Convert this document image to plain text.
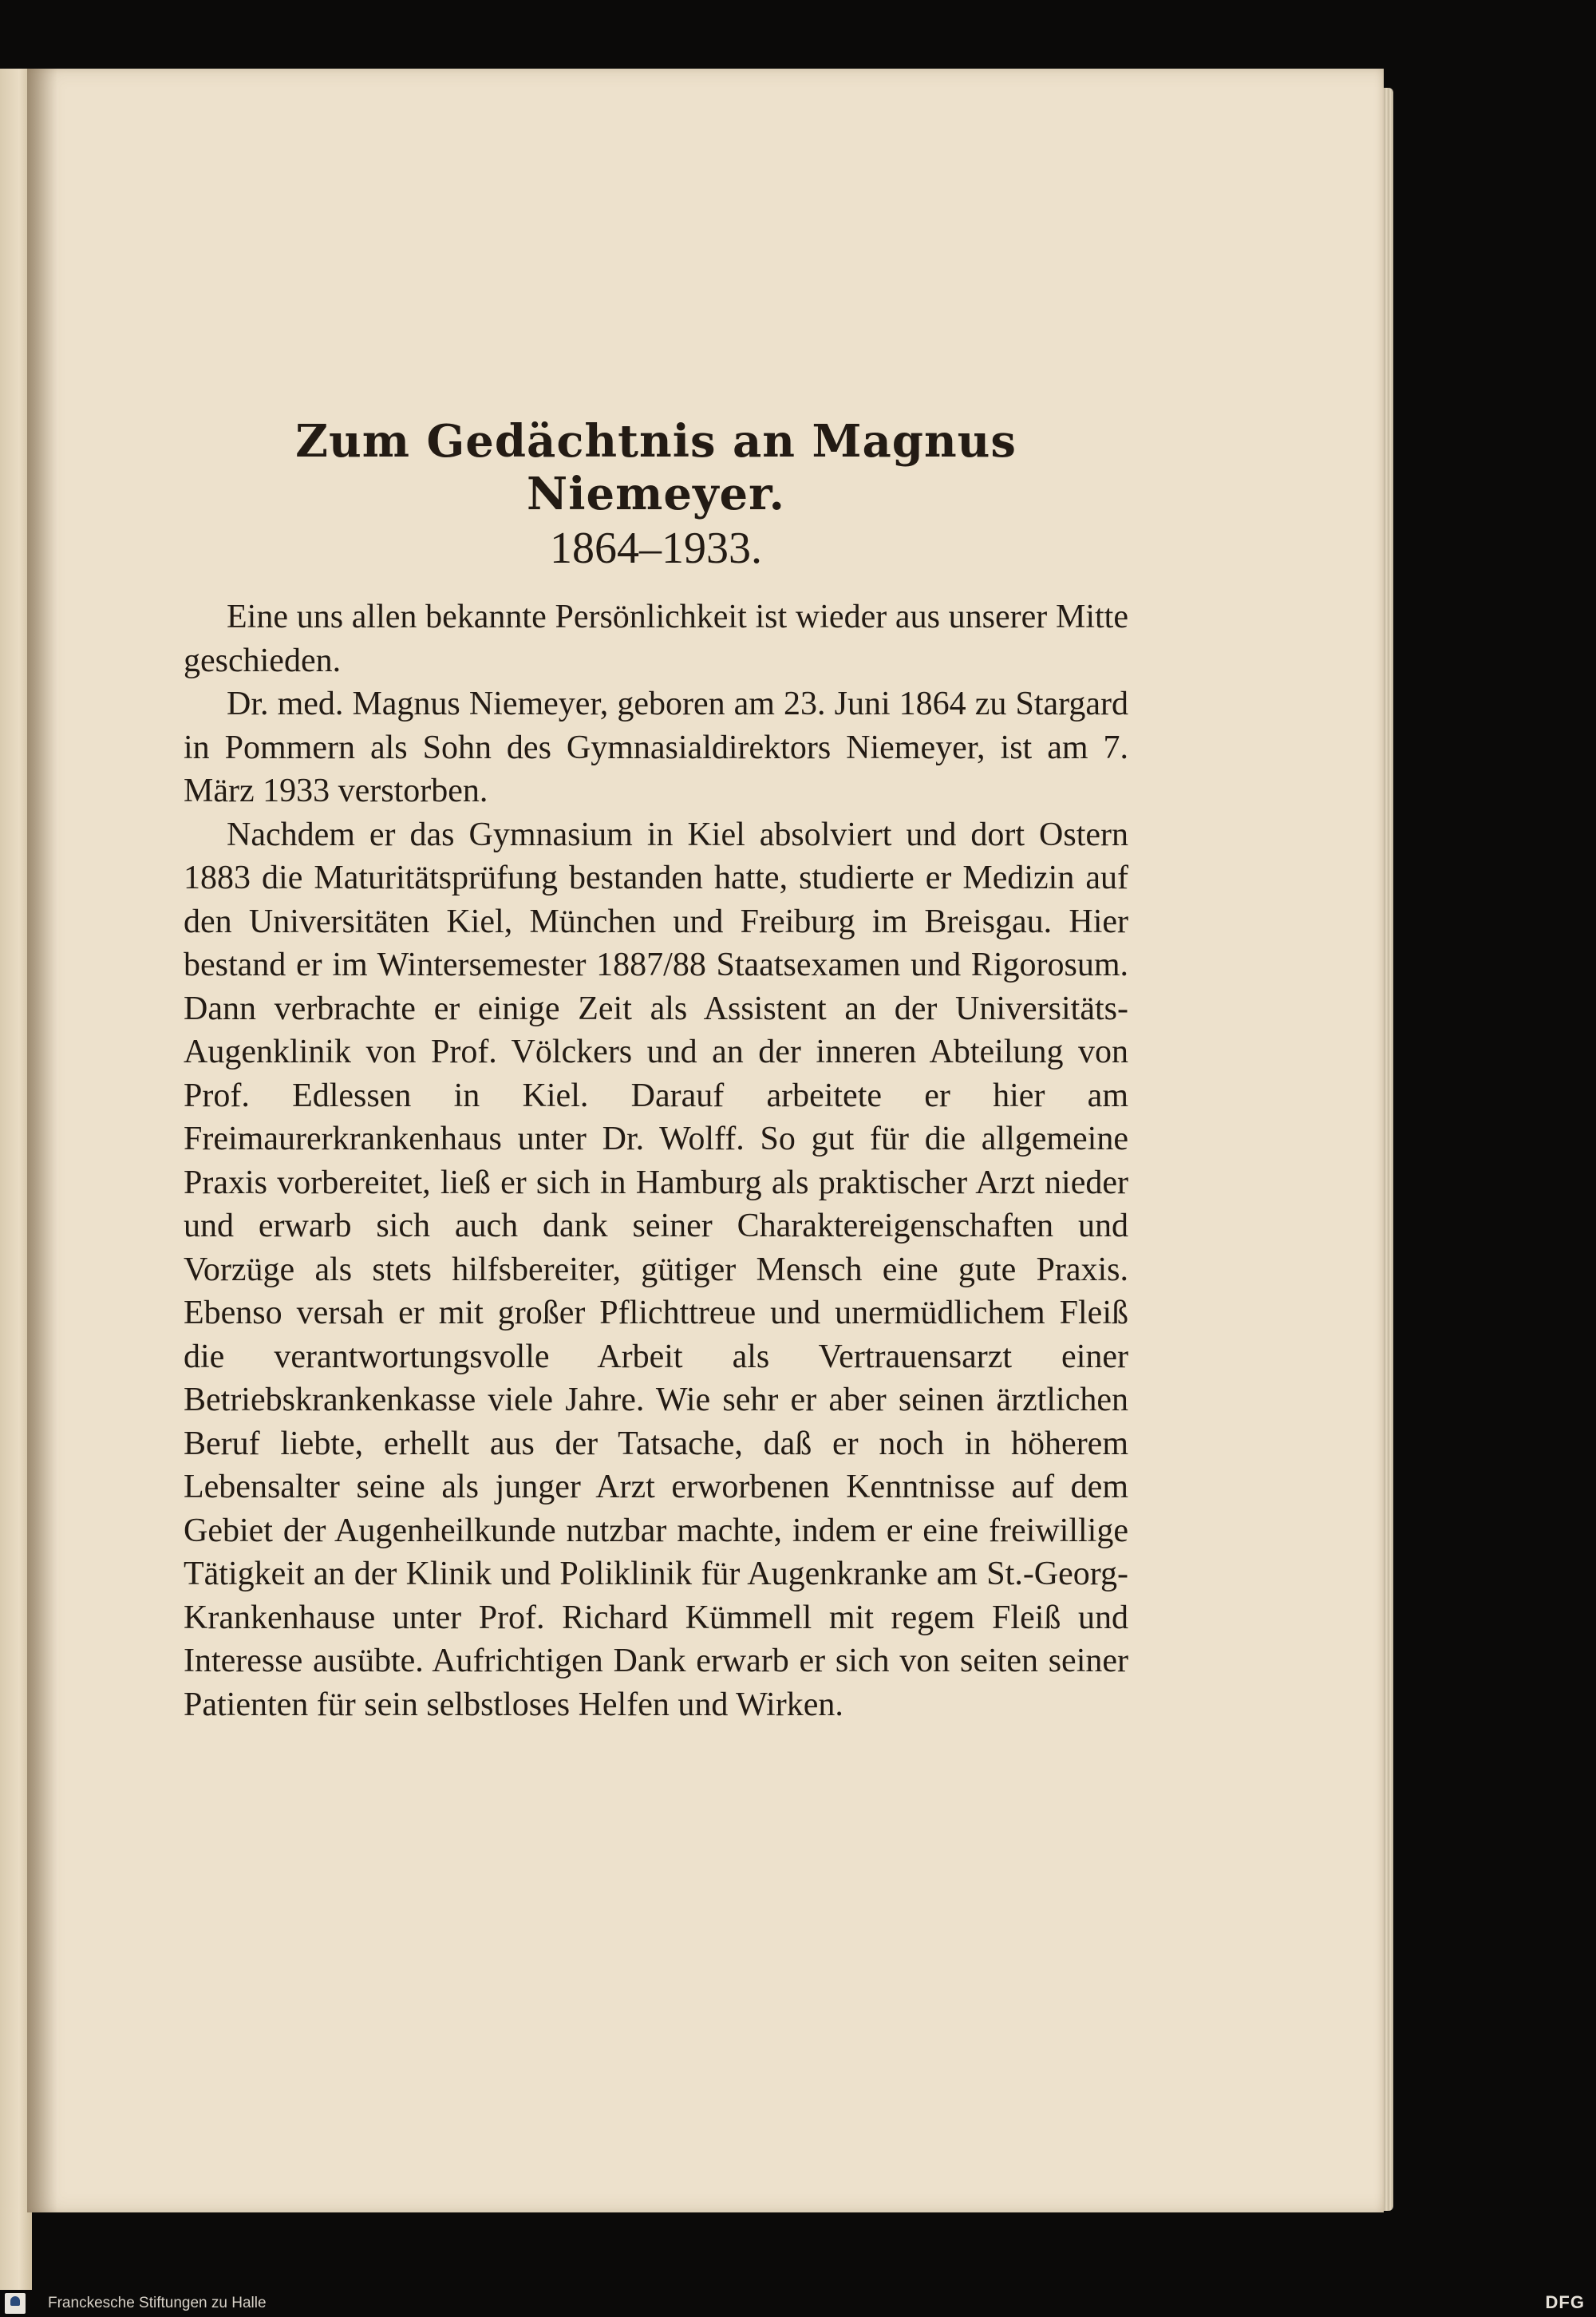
Zum Gedächtnis an Magnus Niemeyer.
1864–1933.

Eine uns allen bekannte Persönlichkeit ist wieder aus unserer Mitte geschieden.

Dr. med. Magnus Niemeyer, geboren am 23. Juni 1864 zu Stargard in Pommern als Sohn des Gymnasialdirektors Niemeyer, ist am 7. März 1933 verstorben.

Nachdem er das Gymnasium in Kiel absolviert und dort Ostern 1883 die Maturitätsprüfung bestanden hatte, studierte er Medizin auf den Universitäten Kiel, München und Freiburg im Breisgau. Hier bestand er im Wintersemester 1887/88 Staatsexamen und Rigorosum. Dann verbrachte er einige Zeit als Assistent an der Universitäts-Augenklinik von Prof. Völckers und an der inneren Abteilung von Prof. Edlessen in Kiel. Darauf arbeitete er hier am Freimaurerkrankenhaus unter Dr. Wolff. So gut für die allgemeine Praxis vorbereitet, ließ er sich in Hamburg als praktischer Arzt nieder und erwarb sich auch dank seiner Charaktereigenschaften und Vorzüge als stets hilfsbereiter, gütiger Mensch eine gute Praxis. Ebenso versah er mit großer Pflichttreue und unermüdlichem Fleiß die verantwortungsvolle Arbeit als Vertrauensarzt einer Betriebskrankenkasse viele Jahre. Wie sehr er aber seinen ärztlichen Beruf liebte, erhellt aus der Tatsache, daß er noch in höherem Lebensalter seine als junger Arzt erworbenen Kenntnisse auf dem Gebiet der Augenheilkunde nutzbar machte, indem er eine freiwillige Tätigkeit an der Klinik und Poliklinik für Augenkranke am St.-Georg-Krankenhause unter Prof. Richard Kümmell mit regem Fleiß und Interesse ausübte. Aufrichtigen Dank erwarb er sich von seiten seiner Patienten für sein selbstloses Helfen und Wirken.

Franckesche Stiftungen zu Halle	DFG
